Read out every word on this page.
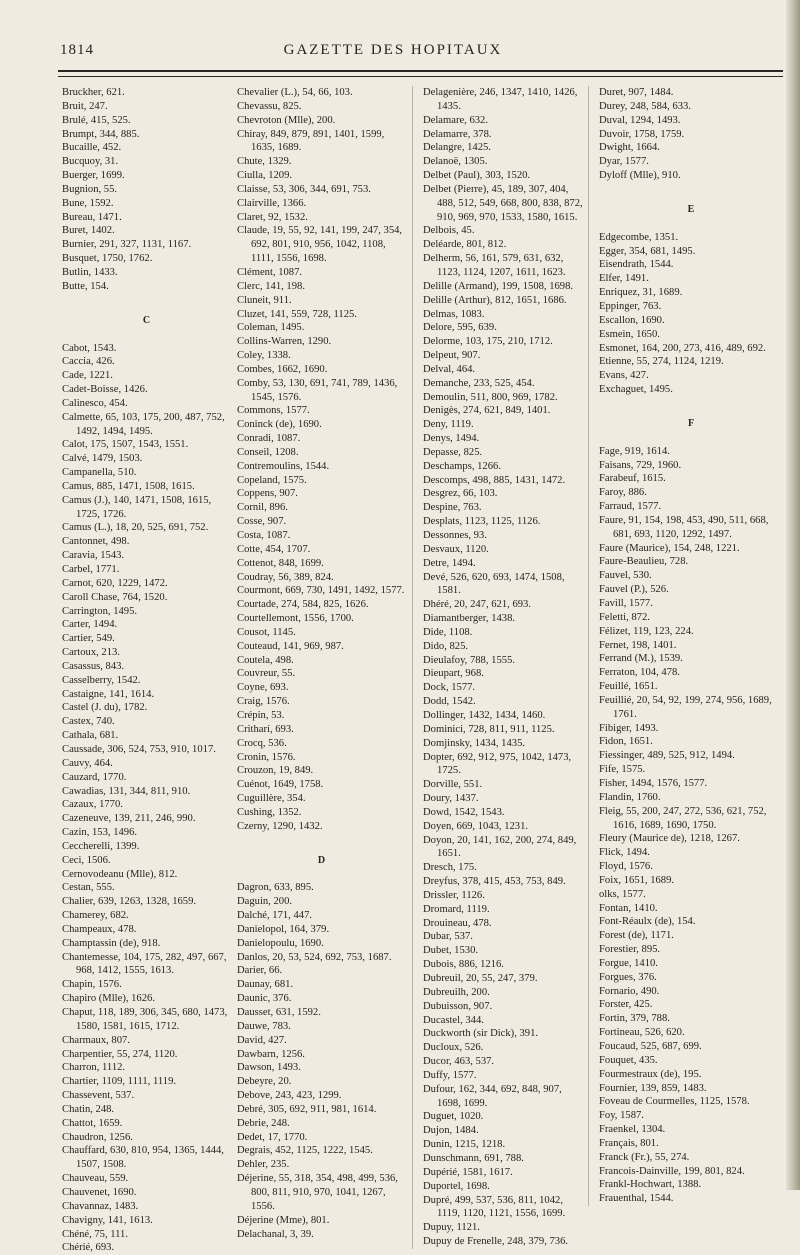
1814	GAZETTE DES HOPITAUX
Bruckher, 621.
Bruit, 247.
Brulé, 415, 525.
Brumpt, 344, 885.
Bucaille, 452.
Bucquoy, 31.
Buerger, 1699.
Bugnion, 55.
Bune, 1592.
Bureau, 1471.
Buret, 1402.
Burnier, 291, 327, 1131, 1167.
Busquet, 1750, 1762.
Butlin, 1433.
Butte, 154.
C
Cabot, 1543.
Caccia, 426.
Cade, 1221.
Cadet-Boisse, 1426.
Calinesco, 454.
Calmette, 65, 103, 175, 200, 487, 752, 1492, 1494, 1495.
Calot, 175, 1507, 1543, 1551.
Calvé, 1479, 1503.
Campanella, 510.
Camus, 885, 1471, 1508, 1615.
Camus (J.), 140, 1471, 1508, 1615, 1725, 1726.
Camus (L.), 18, 20, 525, 691, 752.
Cantonnet, 498.
Caravia, 1543.
Carbel, 1771.
Carnot, 620, 1229, 1472.
Caroll Chase, 764, 1520.
Carrington, 1495.
Carter, 1494.
Cartier, 549.
Cartoux, 213.
Casassus, 843.
Casselberry, 1542.
Castaigne, 141, 1614.
Castel (J. du), 1782.
Castex, 740.
Cathala, 681.
Caussade, 306, 524, 753, 910, 1017.
Cauvy, 464.
Cauzard, 1770.
Cawadias, 131, 344, 811, 910.
Cazaux, 1770.
Cazeneuve, 139, 211, 246, 990.
Cazin, 153, 1496.
Ceccherelli, 1399.
Ceci, 1506.
Cernovodeanu (Mlle), 812.
Cestan, 555.
Chalier, 639, 1263, 1328, 1659.
Chamerey, 682.
Champeaux, 478.
Champtassin (de), 918.
Chantemesse, 104, 175, 282, 497, 667, 968, 1412, 1555, 1613.
Chapin, 1576.
Chapiro (Mlle), 1626.
Chaput, 118, 189, 306, 345, 680, 1473, 1580, 1581, 1615, 1712.
Charmaux, 807.
Charpentier, 55, 274, 1120.
Charron, 1112.
Chartier, 1109, 1111, 1119.
Chassevent, 537.
Chatin, 248.
Chattot, 1659.
Chaudron, 1256.
Chauffard, 630, 810, 954, 1365, 1444, 1507, 1508.
Chauveau, 559.
Chauvenet, 1690.
Chavannaz, 1483.
Chavigny, 141, 1613.
Chéné, 75, 111.
Chérié, 693.
Chevalier (L.), 54, 66, 103.
Chevassu, 825.
Chevroton (Mlle), 200.
Chiray, 849, 879, 891, 1401, 1599, 1635, 1689.
Chute, 1329.
Ciulla, 1209.
Claisse, 53, 306, 344, 691, 753.
Clairville, 1366.
Claret, 92, 1532.
Claude, 19, 55, 92, 141, 199, 247, 354, 692, 801, 910, 956, 1042, 1108, 1111, 1556, 1698.
Clément, 1087.
Clerc, 141, 198.
Cluneit, 911.
Cluzet, 141, 559, 728, 1125.
Coleman, 1495.
Collins-Warren, 1290.
Coley, 1338.
Combes, 1662, 1690.
Comby, 53, 130, 691, 741, 789, 1436, 1545, 1576.
Commons, 1577.
Coninck (de), 1690.
Conradi, 1087.
Conseil, 1208.
Contremoulins, 1544.
Copeland, 1575.
Coppens, 907.
Cornil, 896.
Cosse, 907.
Costa, 1087.
Cotte, 454, 1707.
Cottenot, 848, 1699.
Coudray, 56, 389, 824.
Courmont, 669, 730, 1491, 1492, 1577.
Courtade, 274, 584, 825, 1626.
Courtellemont, 1556, 1700.
Cousot, 1145.
Couteaud, 141, 969, 987.
Coutela, 498.
Couvreur, 55.
Coyne, 693.
Craig, 1576.
Crépin, 53.
Critharí, 693.
Crocq, 536.
Cronin, 1576.
Crouzon, 19, 849.
Cuénot, 1649, 1758.
Cuguillère, 354.
Cushing, 1352.
Czerny, 1290, 1432.
D
Dagron, 633, 895.
Daguin, 200.
Dalché, 171, 447.
Danielopol, 164, 379.
Danielopoulu, 1690.
Danlos, 20, 53, 524, 692, 753, 1687.
Darier, 66.
Daunay, 681.
Daunic, 376.
Dausset, 631, 1592.
Dauwe, 783.
David, 427.
Dawbarn, 1256.
Dawson, 1493.
Debeyre, 20.
Debove, 243, 423, 1299.
Debré, 305, 692, 911, 981, 1614.
Debrie, 248.
Dedet, 17, 1770.
Degrais, 452, 1125, 1222, 1545.
Dehler, 235.
Déjerine, 55, 318, 354, 498, 499, 536, 800, 811, 910, 970, 1041, 1267, 1556.
Déjerine (Mme), 801.
Delachanal, 3, 39.
Delagenière, 246, 1347, 1410, 1426, 1435.
Delamare, 632.
Delamarre, 378.
Delangre, 1425.
Delanoë, 1305.
Delbet (Paul), 303, 1520.
Delbet (Pierre), 45, 189, 307, 404, 488, 512, 549, 668, 800, 838, 872, 910, 969, 970, 1533, 1580, 1615.
Delbois, 45.
Deléarde, 801, 812.
Delherm, 56, 161, 579, 631, 632, 1123, 1124, 1207, 1611, 1623.
Delille (Armand), 199, 1508, 1698.
Delille (Arthur), 812, 1651, 1686.
Delmas, 1083.
Delore, 595, 639.
Delorme, 103, 175, 210, 1712.
Delpeut, 907.
Delval, 464.
Demanche, 233, 525, 454.
Demoulin, 511, 800, 969, 1782.
Denigès, 274, 621, 849, 1401.
Deny, 1119.
Denys, 1494.
Depasse, 825.
Deschamps, 1266.
Descomps, 498, 885, 1431, 1472.
Desgrez, 66, 103.
Despine, 763.
Desplats, 1123, 1125, 1126.
Dessonnes, 93.
Desvaux, 1120.
Detre, 1494.
Devé, 526, 620, 693, 1474, 1508, 1581.
Dhéré, 20, 247, 621, 693.
Diamantberger, 1438.
Dide, 1108.
Dido, 825.
Dieulafoy, 788, 1555.
Dieupart, 968.
Dock, 1577.
Dodd, 1542.
Dollinger, 1432, 1434, 1460.
Dominici, 728, 811, 911, 1125.
Domjinsky, 1434, 1435.
Dopter, 692, 912, 975, 1042, 1473, 1725.
Dorville, 551.
Doury, 1437.
Dowd, 1542, 1543.
Doyen, 669, 1043, 1231.
Doyon, 20, 141, 162, 200, 274, 849, 1651.
Dresch, 175.
Dreyfus, 378, 415, 453, 753, 849.
Drissler, 1126.
Dromard, 1119.
Drouineau, 478.
Dubar, 537.
Dubet, 1530.
Dubois, 886, 1216.
Dubreuil, 20, 55, 247, 379.
Dubreuilh, 200.
Dubuisson, 907.
Ducastel, 344.
Duckworth (sir Dick), 391.
Ducloux, 526.
Ducor, 463, 537.
Duffy, 1577.
Dufour, 162, 344, 692, 848, 907, 1698, 1699.
Duguet, 1020.
Dujon, 1484.
Dunin, 1215, 1218.
Dunschmann, 691, 788.
Dupérié, 1581, 1617.
Duportel, 1698.
Dupré, 499, 537, 536, 811, 1042, 1119, 1120, 1121, 1556, 1699.
Dupuy, 1121.
Dupuy de Frenelle, 248, 379, 736.
Duret, 907, 1484.
Durey, 248, 584, 633.
Duval, 1294, 1493.
Duvoir, 1758, 1759.
Dwight, 1664.
Dyar, 1577.
Dyloff (Mlle), 910.
E
Edgecombe, 1351.
Egger, 354, 681, 1495.
Eisendrath, 1544.
Elfer, 1491.
Enriquez, 31, 1689.
Eppinger, 763.
Escallon, 1690.
Esmein, 1650.
Esmonet, 164, 200, 273, 416, 489, 692.
Etienne, 55, 274, 1124, 1219.
Evans, 427.
Exchaguet, 1495.
F
Fage, 919, 1614.
Faisans, 729, 1960.
Farabeuf, 1615.
Faroy, 886.
Farraud, 1577.
Faure, 91, 154, 198, 453, 490, 511, 668, 681, 693, 1120, 1292, 1497.
Faure (Maurice), 154, 248, 1221.
Faure-Beaulieu, 728.
Fauvel, 530.
Fauvel (P.), 526.
Favill, 1577.
Feletti, 872.
Félizet, 119, 123, 224.
Fernet, 198, 1401.
Ferrand (M.), 1539.
Ferraton, 104, 478.
Feuillé, 1651.
Feuillié, 20, 54, 92, 199, 274, 956, 1689, 1761.
Fibiger, 1493.
Fidon, 1651.
Fiessinger, 489, 525, 912, 1494.
Fife, 1575.
Fisher, 1494, 1576, 1577.
Flandin, 1760.
Fleig, 55, 200, 247, 272, 536, 621, 752, 1616, 1689, 1690, 1750.
Fleury (Maurice de), 1218, 1267.
Flick, 1494.
Floyd, 1576.
Foix, 1651, 1689.
olks, 1577.
Fontan, 1410.
Font-Réaulx (de), 154.
Forest (de), 1171.
Forestier, 895.
Forgue, 1410.
Forgues, 376.
Fornario, 490.
Forster, 425.
Fortin, 379, 788.
Fortineau, 526, 620.
Foucaud, 525, 687, 699.
Fouquet, 435.
Fourmestraux (de), 195.
Fournier, 139, 859, 1483.
Foveau de Courmelles, 1125, 1578.
Foy, 1587.
Fraenkel, 1304.
Français, 801.
Franck (Fr.), 55, 274.
Francois-Dainville, 199, 801, 824.
Frankl-Hochwart, 1388.
Frauenthal, 1544.
